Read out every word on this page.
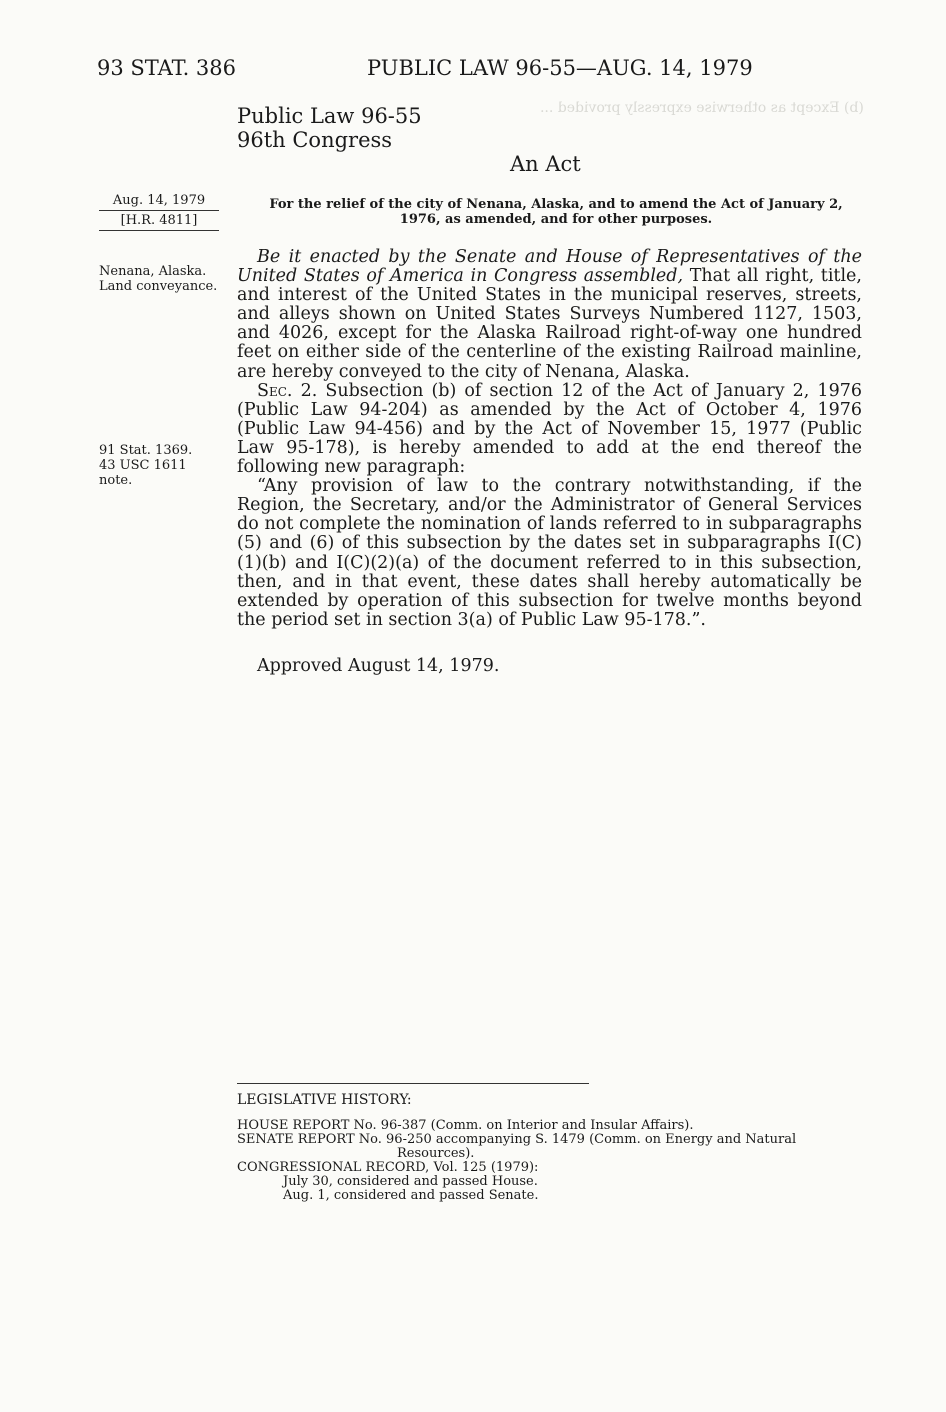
(b) Except as otherwise expressly provided ...
93 STAT. 386	PUBLIC LAW 96-55—AUG. 14, 1979
Public Law 96-55
96th Congress
An Act
Aug. 14, 1979
[H.R. 4811]
For the relief of the city of Nenana, Alaska, and to amend the Act of January 2, 1976, as amended, and for other purposes.
Nenana, Alaska.
Land conveyance.
91 Stat. 1369.
43 USC 1611
note.

Be it enacted by the Senate and House of Representatives of the United States of America in Congress assembled, That all right, title, and interest of the United States in the municipal reserves, streets, and alleys shown on United States Surveys Numbered 1127, 1503, and 4026, except for the Alaska Railroad right-of-way one hundred feet on either side of the centerline of the existing Railroad mainline, are hereby conveyed to the city of Nenana, Alaska.

Sec. 2. Subsection (b) of section 12 of the Act of January 2, 1976 (Public Law 94-204) as amended by the Act of October 4, 1976 (Public Law 94-456) and by the Act of November 15, 1977 (Public Law 95-178), is hereby amended to add at the end thereof the following new paragraph:

“Any provision of law to the contrary notwithstanding, if the Region, the Secretary, and/or the Administrator of General Services do not complete the nomination of lands referred to in subparagraphs (5) and (6) of this subsection by the dates set in subparagraphs I(C)(1)(b) and I(C)(2)(a) of the document referred to in this subsection, then, and in that event, these dates shall hereby automatically be extended by operation of this subsection for twelve months beyond the period set in section 3(a) of Public Law 95-178.”.

Approved August 14, 1979.
LEGISLATIVE HISTORY:
HOUSE REPORT No. 96-387 (Comm. on Interior and Insular Affairs).
SENATE REPORT No. 96-250 accompanying S. 1479 (Comm. on Energy and Natural
Resources).
CONGRESSIONAL RECORD, Vol. 125 (1979):
July 30, considered and passed House.
Aug. 1, considered and passed Senate.
